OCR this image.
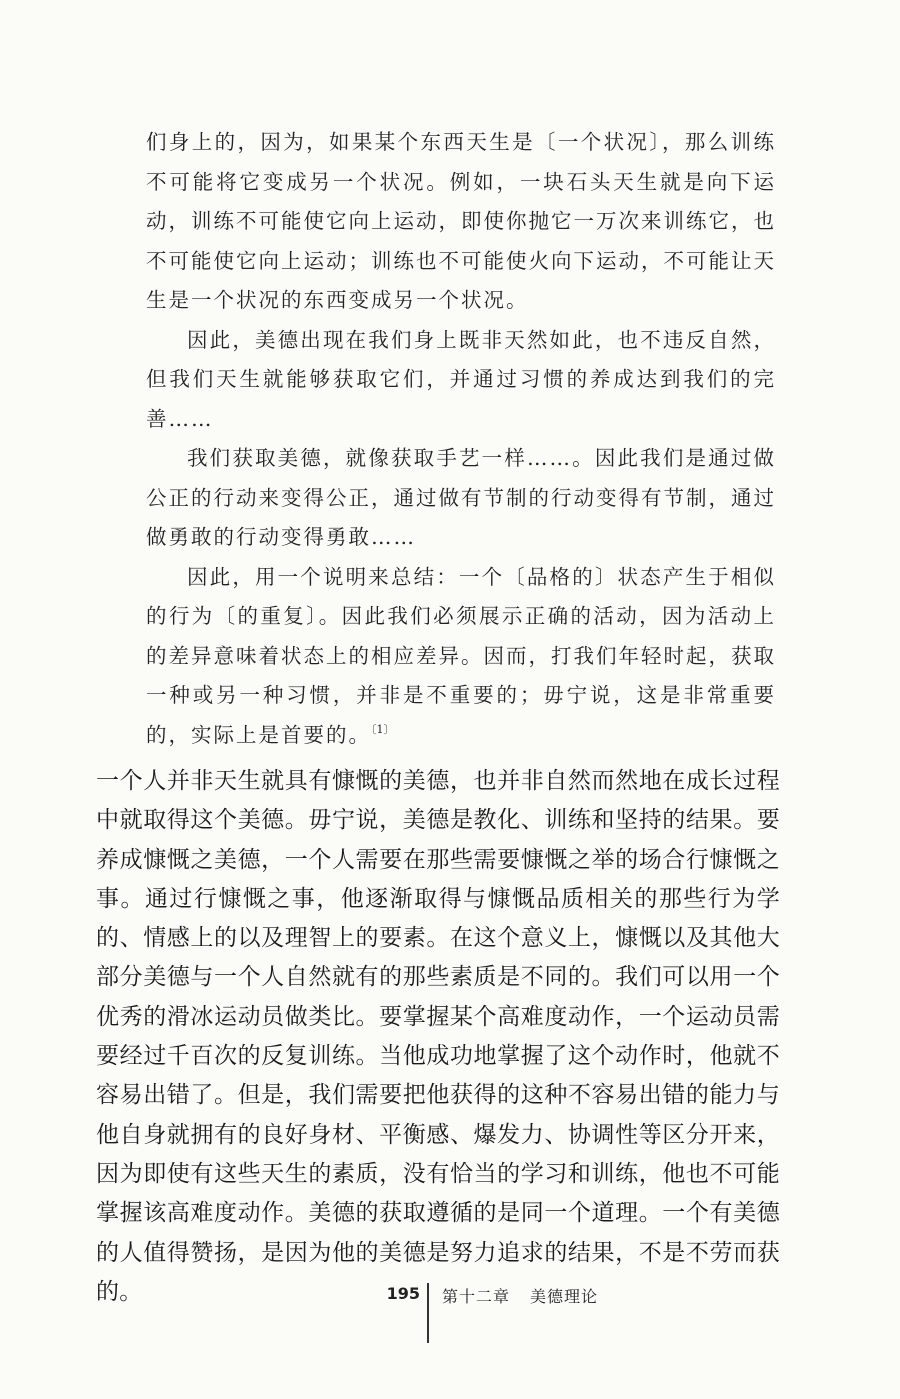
们身上的，因为，如果某个东西天生是〔一个状况〕，那么训练不可能将它变成另一个状况。例如，一块石头天生就是向下运动，训练不可能使它向上运动，即使你抛它一万次来训练它，也不可能使它向上运动；训练也不可能使火向下运动，不可能让天生是一个状况的东西变成另一个状况。

因此，美德出现在我们身上既非天然如此，也不违反自然，但我们天生就能够获取它们，并通过习惯的养成达到我们的完善……

我们获取美德，就像获取手艺一样……。因此我们是通过做公正的行动来变得公正，通过做有节制的行动变得有节制，通过做勇敢的行动变得勇敢……

因此，用一个说明来总结：一个〔品格的〕状态产生于相似的行为〔的重复〕。因此我们必须展示正确的活动，因为活动上的差异意味着状态上的相应差异。因而，打我们年轻时起，获取一种或另一种习惯，并非是不重要的；毋宁说，这是非常重要的，实际上是首要的。$^{〔1〕}$

一个人并非天生就具有慷慨的美德，也并非自然而然地在成长过程中就取得这个美德。毋宁说，美德是教化、训练和坚持的结果。要养成慷慨之美德，一个人需要在那些需要慷慨之举的场合行慷慨之事。通过行慷慨之事，他逐渐取得与慷慨品质相关的那些行为学的、情感上的以及理智上的要素。在这个意义上，慷慨以及其他大部分美德与一个人自然就有的那些素质是不同的。我们可以用一个优秀的滑冰运动员做类比。要掌握某个高难度动作，一个运动员需要经过千百次的反复训练。当他成功地掌握了这个动作时，他就不容易出错了。但是，我们需要把他获得的这种不容易出错的能力与他自身就拥有的良好身材、平衡感、爆发力、协调性等区分开来，因为即使有这些天生的素质，没有恰当的学习和训练，他也不可能掌握该高难度动作。美德的获取遵循的是同一个道理。一个有美德的人值得赞扬，是因为他的美德是努力追求的结果，不是不劳而获的。	195 第十二章 美德理论
